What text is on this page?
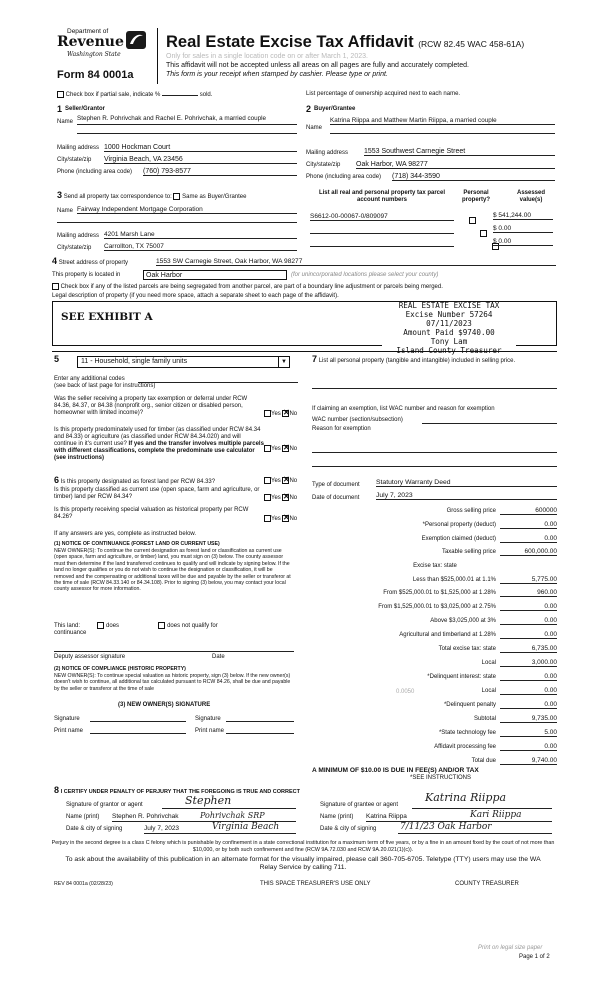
Department of
Revenue
Washington State
Form 84 0001a
Real Estate Excise Tax Affidavit (RCW 82.45 WAC 458-61A)
Only for sales in a single location code on or after March 1, 2023.
This affidavit will not be accepted unless all areas on all pages are fully and accurately completed.
This form is your receipt when stamped by cashier. Please type or print.
Check box if partial sale, indicate %	sold.	List percentage of ownership acquired next to each name.
1 Seller/Grantor
Name Stephen R. Pohrivchak and Rachel E. Pohrivchak, a married couple
Mailing address 1000 Hockman Court
City/state/zip Virginia Beach, VA 23456
Phone (including area code) (760) 793-8577
2 Buyer/Grantee
Name
Katrina Riippa and Matthew Martin Riippa, a married couple
Mailing address 1553 Southwest Carnegie Street
City/state/zip Oak Harbor, WA 98277
Phone (including area code) (718) 344-3590
3 Send all property tax correspondence to: Same as Buyer/Grantee
Name Fairway Independent Mortgage Corporation
Mailing address 4201 Marsh Lane
City/state/zip Carrollton, TX 75007
List all real and personal property tax parcel account numbers
Personal property?
Assessed value(s)
S6612-00-00067-0/809097
	$ 541,244.00

$ 0.00
$ 0.00
4 Street address of property	1553 SW Carnegie Street, Oak Harbor, WA 98277
This property is located in	Oak Harbor	(for unincorporated locations please select your county)
Check box if any of the listed parcels are being segregated from another parcel, are part of a boundary line adjustment or parcels being merged.
Legal description of property (if you need more space, attach a separate sheet to each page of the affidavit).
SEE EXHIBIT A
REAL ESTATE EXCISE TAX
Excise Number 57264
07/11/2023
Amount Paid $9740.00
Tony Lam
Island County Treasurer
5	11 - Household, single family units	▼
Enter any additional codes
(see back of last page for instructions)
Was the seller receiving a property tax exemption or deferral under RCW 84.36, 84.37, or 84.38 (nonprofit org., senior citizen or disabled person, homeowner with limited income)?	Yes ✕ No
Is this property predominately used for timber (as classified under RCW 84.34 and 84.33) or agriculture (as classified under RCW 84.34.020) and will continue in it's current use? If yes and the transfer involves multiple parcels with different classifications, complete the predominate use calculator (see instructions)
Yes ✕ No
6 Is this property designated as forest land per RCW 84.33?	Yes ✕ No
Is this property classified as current use (open space, farm and agriculture, or timber) land per RCW 84.34?	Yes ✕ No
Is this property receiving special valuation as historical property per RCW 84.26?	Yes ✕ No
If any answers are yes, complete as instructed below.
(1) NOTICE OF CONTINUANCE (FOREST LAND OR CURRENT USE)
NEW OWNER(S): To continue the current designation as forest land or classification as current use (open space, farm and agriculture, or timber) land, you must sign on (3) below. The county assessor must then determine if the land transferred continues to qualify and will indicate by signing below. If the land no longer qualifies or you do not wish to continue the designation or classification, it will be removed and the compensating or additional taxes will be due and payable by the seller or transferor at the time of sale (RCW 84.33.140 or 84.34.108). Prior to signing (3) below, you may contact your local county assessor for more information.
This land:	does	does not qualify for
continuance
Deputy assessor signature	Date
(2) NOTICE OF COMPLIANCE (HISTORIC PROPERTY)
NEW OWNER(S): To continue special valuation as historic property, sign (3) below. If the new owner(s) doesn't wish to continue, all additional tax calculated pursuant to RCW 84.26, shall be due and payable by the seller or transferor at the time of sale
(3) NEW OWNER(S) SIGNATURE
Signature	Signature
Print name	Print name
7 List all personal property (tangible and intangible) included in selling price.
If claiming an exemption, list WAC number and reason for exemption
WAC number (section/subsection)
Reason for exemption
Type of document Statutory Warranty Deed
Date of document July 7, 2023
Gross selling price	600000
*Personal property (deduct)	0.00
Exemption claimed (deduct)	0.00
Taxable selling price	600,000.00
Excise tax: state
Less than $525,000.01 at 1.1%	5,775.00
From $525,000.01 to $1,525,000 at 1.28%	960.00
From $1,525,000.01 to $3,025,000 at 2.75%	0.00
Above $3,025,000 at 3%	0.00
Agricultural and timberland at 1.28%	0.00
Total excise tax: state	6,735.00
Local	3,000.00
*Delinquent interest: state	0.00
Local	0.00
*Delinquent penalty	0.00
Subtotal	9,735.00
*State technology fee	5.00
Affidavit processing fee	0.00
Total due	9,740.00
0.0050
A MINIMUM OF $10.00 IS DUE IN FEE(S) AND/OR TAX
*SEE INSTRUCTIONS
8 I CERTIFY UNDER PENALTY OF PERJURY THAT THE FOREGOING IS TRUE AND CORRECT
Signature of grantor or agent	Stephen
Name (print) Stephen R. Pohrivchak	Pohrivchak SRP
Date & city of signing	July 7, 2023	Virginia Beach
Signature of grantee or agent
Katrina Riippa
Name (print) Katrina Riippa	Kari Riippa
Date & city of signing	7/11/23 Oak Harbor
Perjury in the second degree is a class C felony which is punishable by confinement in a state correctional institution for a maximum term of five years, or by a fine in an amount fixed by the court of not more than $10,000, or by both such confinement and fine (RCW 9A.72.030 and RCW 9A.20.021(1)(c)).
To ask about the availability of this publication in an alternate format for the visually impaired, please call 360-705-6705. Teletype (TTY) users may use the WA Relay Service by calling 711.
REV 84 0001a (02/28/23)	THIS SPACE TREASURER'S USE ONLY	COUNTY TREASURER
Print on legal size paper
Page 1 of 2
